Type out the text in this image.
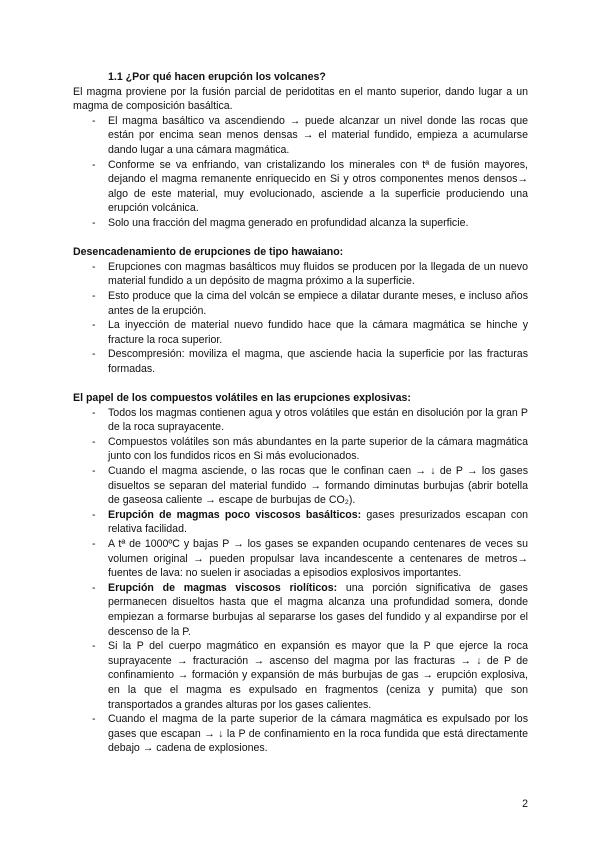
1.1 ¿Por qué hacen erupción los volcanes?

El magma proviene por la fusión parcial de peridotitas en el manto superior, dando lugar a un magma de composición basáltica.

- El magma basáltico va ascendiendo → puede alcanzar un nivel donde las rocas que están por encima sean menos densas → el material fundido, empieza a acumularse dando lugar a una cámara magmática.
- Conforme se va enfriando, van cristalizando los minerales con tª de fusión mayores, dejando el magma remanente enriquecido en Si y otros componentes menos densos→ algo de este material, muy evolucionado, asciende a la superficie produciendo una erupción volcánica.
- Solo una fracción del magma generado en profundidad alcanza la superficie.

Desencadenamiento de erupciones de tipo hawaiano:

- Erupciones con magmas basálticos muy fluidos se producen por la llegada de un nuevo material fundido a un depósito de magma próximo a la superficie.
- Esto produce que la cima del volcán se empiece a dilatar durante meses, e incluso años antes de la erupción.
- La inyección de material nuevo fundido hace que la cámara magmática se hinche y fracture la roca superior.
- Descompresión: moviliza el magma, que asciende hacia la superficie por las fracturas formadas.

El papel de los compuestos volátiles en las erupciones explosivas:

- Todos los magmas contienen agua y otros volátiles que están en disolución por la gran P de la roca suprayacente.
- Compuestos volátiles son más abundantes en la parte superior de la cámara magmática junto con los fundidos ricos en Si más evolucionados.
- Cuando el magma asciende, o las rocas que le confinan caen → ↓ de P → los gases disueltos se separan del material fundido → formando diminutas burbujas (abrir botella de gaseosa caliente → escape de burbujas de CO₂).
- Erupción de magmas poco viscosos basálticos: gases presurizados escapan con relativa facilidad.
- A tª de 1000ºC y bajas P → los gases se expanden ocupando centenares de veces su volumen original → pueden propulsar lava incandescente a centenares de metros→ fuentes de lava: no suelen ir asociadas a episodios explosivos importantes.
- Erupción de magmas viscosos riolíticos: una porción significativa de gases permanecen disueltos hasta que el magma alcanza una profundidad somera, donde empiezan a formarse burbujas al separarse los gases del fundido y al expandirse por el descenso de la P.
- Si la P del cuerpo magmático en expansión es mayor que la P que ejerce la roca suprayacente → fracturación → ascenso del magma por las fracturas → ↓ de P de confinamiento → formación y expansión de más burbujas de gas → erupción explosiva, en la que el magma es expulsado en fragmentos (ceniza y pumita) que son transportados a grandes alturas por los gases calientes.
- Cuando el magma de la parte superior de la cámara magmática es expulsado por los gases que escapan → ↓ la P de confinamiento en la roca fundida que está directamente debajo → cadena de explosiones.
2
